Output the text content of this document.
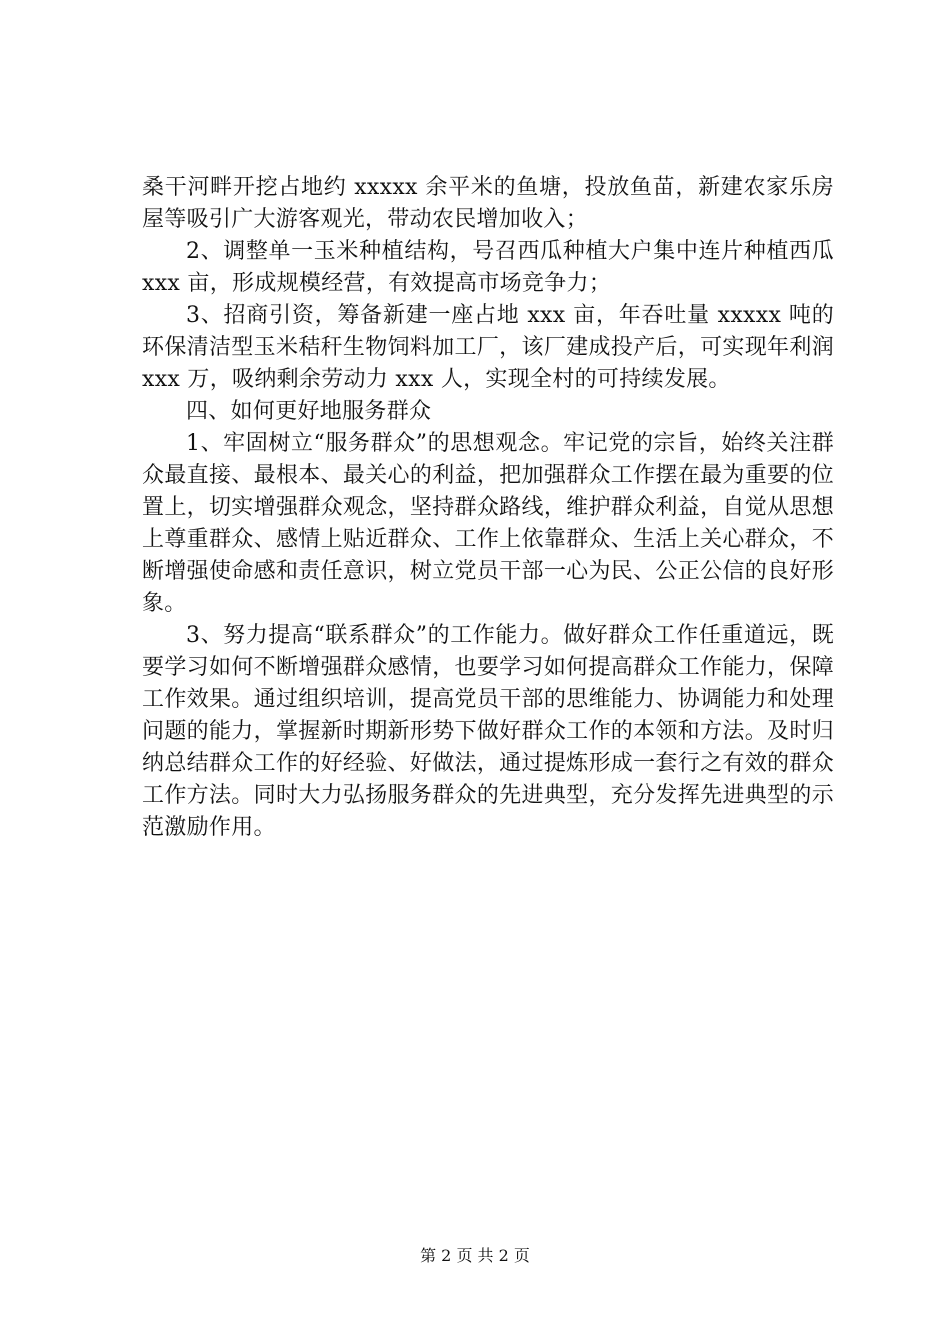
桑干河畔开挖占地约 xxxxx 余平米的鱼塘，投放鱼苗，新建农家乐房屋等吸引广大游客观光，带动农民增加收入；

2、调整单一玉米种植结构，号召西瓜种植大户集中连片种植西瓜 xxx 亩，形成规模经营，有效提高市场竞争力；

3、招商引资，筹备新建一座占地 xxx 亩，年吞吐量 xxxxx 吨的环保清洁型玉米秸秆生物饲料加工厂，该厂建成投产后，可实现年利润 xxx 万，吸纳剩余劳动力 xxx 人，实现全村的可持续发展。

四、如何更好地服务群众

1、牢固树立“服务群众”的思想观念。牢记党的宗旨，始终关注群众最直接、最根本、最关心的利益，把加强群众工作摆在最为重要的位置上，切实增强群众观念，坚持群众路线，维护群众利益，自觉从思想上尊重群众、感情上贴近群众、工作上依靠群众、生活上关心群众，不断增强使命感和责任意识，树立党员干部一心为民、公正公信的良好形象。

3、努力提高“联系群众”的工作能力。做好群众工作任重道远，既要学习如何不断增强群众感情，也要学习如何提高群众工作能力，保障工作效果。通过组织培训，提高党员干部的思维能力、协调能力和处理问题的能力，掌握新时期新形势下做好群众工作的本领和方法。及时归纳总结群众工作的好经验、好做法，通过提炼形成一套行之有效的群众工作方法。同时大力弘扬服务群众的先进典型，充分发挥先进典型的示范激励作用。

第 2 页 共 2 页
